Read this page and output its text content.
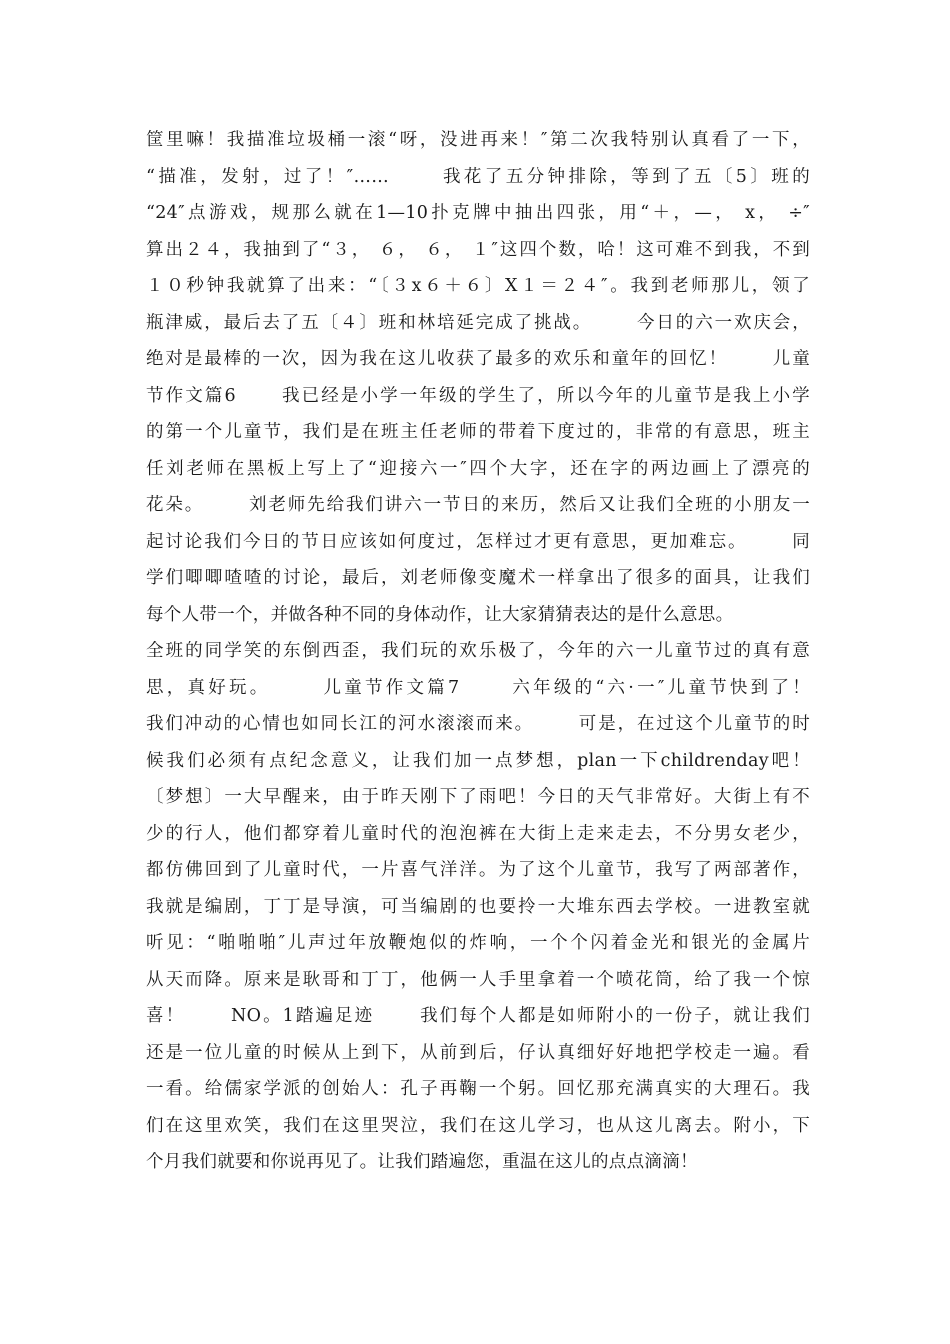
筐里嘛！我描准垃圾桶一滚“呀，没进再来！″第二次我特别认真看了一下，
“描准，发射，过了！″……      我花了五分钟排除，等到了五〔5〕班的
“24″点游戏，规那么就在1—10扑克牌中抽出四张，用“＋，—， x， ÷″
算出２４，我抽到了“３， ６， ６， １″这四个数，哈！这可难不到我，不到
１０秒钟我就算了出来：“〔３x６＋６〕X１＝２４″。我到老师那儿，领了
瓶津威，最后去了五〔４〕班和林培延完成了挑战。      今日的六一欢庆会，
绝对是最棒的一次，因为我在这儿收获了最多的欢乐和童年的回忆！      儿童
节作文篇6      我已经是小学一年级的学生了，所以今年的儿童节是我上小学
的第一个儿童节，我们是在班主任老师的带着下度过的，非常的有意思，班主
任刘老师在黑板上写上了“迎接六一″四个大字，还在字的两边画上了漂亮的
花朵。      刘老师先给我们讲六一节日的来历，然后又让我们全班的小朋友一
起讨论我们今日的节日应该如何度过，怎样过才更有意思，更加难忘。      同
学们唧唧喳喳的讨论，最后，刘老师像变魔术一样拿出了很多的面具，让我们
每个人带一个，并做各种不同的身体动作，让大家猜猜表达的是什么意思。
全班的同学笑的东倒西歪，我们玩的欢乐极了，今年的六一儿童节过的真有意
思，真好玩。      儿童节作文篇7      六年级的“六·一″儿童节快到了！
我们冲动的心情也如同长江的河水滚滚而来。      可是，在过这个儿童节的时
候我们必须有点纪念意义，让我们加一点梦想，plan一下childrenday吧！
〔梦想〕一大早醒来，由于昨天刚下了雨吧！今日的天气非常好。大街上有不
少的行人，他们都穿着儿童时代的泡泡裤在大街上走来走去，不分男女老少，
都仿佛回到了儿童时代，一片喜气洋洋。为了这个儿童节，我写了两部著作，
我就是编剧，丁丁是导演，可当编剧的也要拎一大堆东西去学校。一进教室就
听见：“啪啪啪″儿声过年放鞭炮似的炸响，一个个闪着金光和银光的金属片
从天而降。原来是耿哥和丁丁，他俩一人手里拿着一个喷花筒，给了我一个惊
喜！      NO。1踏遍足迹      我们每个人都是如师附小的一份子，就让我们
还是一位儿童的时候从上到下，从前到后，仔认真细好好地把学校走一遍。看
一看。给儒家学派的创始人：孔子再鞠一个躬。回忆那充满真实的大理石。我
们在这里欢笑，我们在这里哭泣，我们在这儿学习，也从这儿离去。附小，下
个月我们就要和你说再见了。让我们踏遍您，重温在这儿的点点滴滴！
